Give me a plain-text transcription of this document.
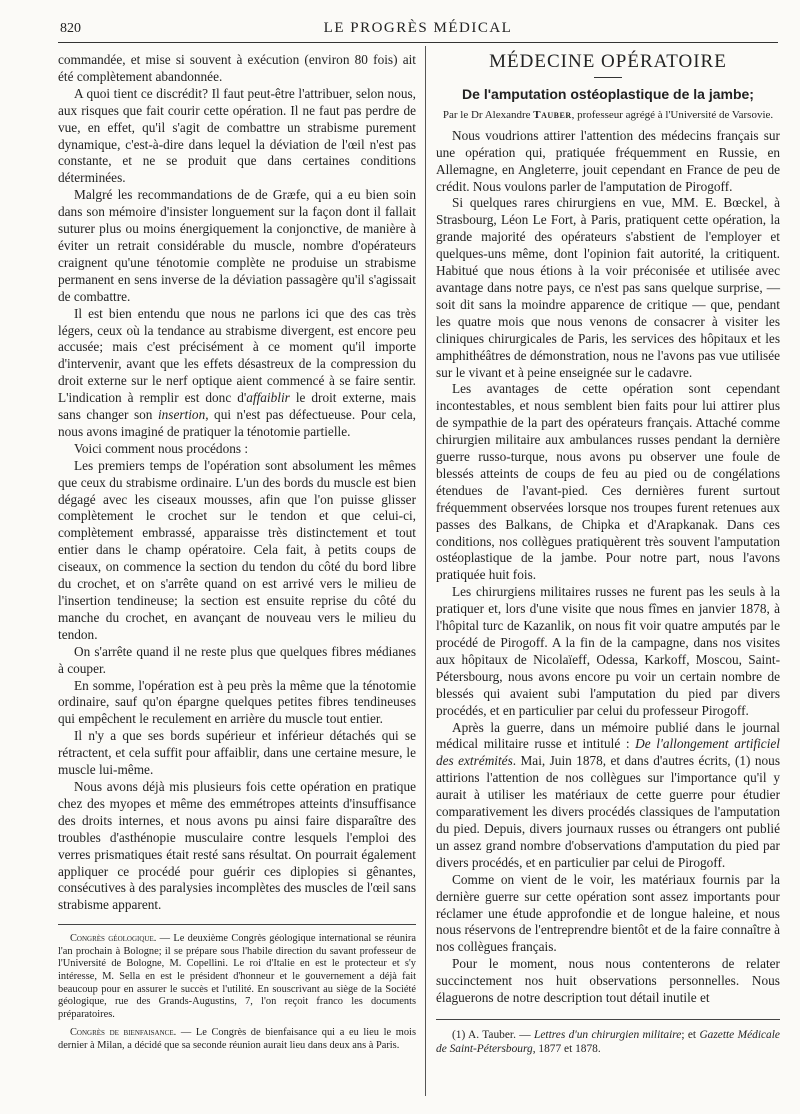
820	LE PROGRÈS MÉDICAL

commandée, et mise si souvent à exécution (environ 80 fois) ait été complètement abandonnée.

A quoi tient ce discrédit? Il faut peut-être l'attribuer, selon nous, aux risques que fait courir cette opération. Il ne faut pas perdre de vue, en effet, qu'il s'agit de combattre un strabisme purement dynamique, c'est-à-dire dans lequel la déviation de l'œil n'est pas constante, et ne se produit que dans certaines conditions déterminées.

Malgré les recommandations de de Græfe, qui a eu bien soin dans son mémoire d'insister longuement sur la façon dont il fallait suturer plus ou moins énergiquement la conjonctive, de manière à éviter un retrait considérable du muscle, nombre d'opérateurs craignent qu'une ténotomie complète ne produise un strabisme permanent en sens inverse de la déviation passagère qu'il s'agissait de combattre.

Il est bien entendu que nous ne parlons ici que des cas très légers, ceux où la tendance au strabisme divergent, est encore peu accusée; mais c'est précisément à ce moment qu'il importe d'intervenir, avant que les effets désastreux de la compression du droit externe sur le nerf optique aient commencé à se faire sentir. L'indication à remplir est donc d'affaiblir le droit externe, mais sans changer son insertion, qui n'est pas défectueuse. Pour cela, nous avons imaginé de pratiquer la ténotomie partielle.

Voici comment nous procédons :

Les premiers temps de l'opération sont absolument les mêmes que ceux du strabisme ordinaire. L'un des bords du muscle est bien dégagé avec les ciseaux mousses, afin que l'on puisse glisser complètement le crochet sur le tendon et que celui-ci, complètement embrassé, apparaisse très distinctement et tout entier dans le champ opératoire. Cela fait, à petits coups de ciseaux, on commence la section du tendon du côté du bord libre du crochet, et on s'arrête quand on est arrivé vers le milieu de l'insertion tendineuse; la section est ensuite reprise du côté du manche du crochet, en avançant de nouveau vers le milieu du tendon.

On s'arrête quand il ne reste plus que quelques fibres médianes à couper.

En somme, l'opération est à peu près la même que la ténotomie ordinaire, sauf qu'on épargne quelques petites fibres tendineuses qui empêchent le reculement en arrière du muscle tout entier.

Il n'y a que ses bords supérieur et inférieur détachés qui se rétractent, et cela suffit pour affaiblir, dans une certaine mesure, le muscle lui-même.

Nous avons déjà mis plusieurs fois cette opération en pratique chez des myopes et même des emmétropes atteints d'insuffisance des droits internes, et nous avons pu ainsi faire disparaître des troubles d'asthénopie musculaire contre lesquels l'emploi des verres prismatiques était resté sans résultat. On pourrait également appliquer ce procédé pour guérir ces diplopies si gênantes, consécutives à des paralysies incomplètes des muscles de l'œil sans strabisme apparent.

Congrès géologique. — Le deuxième Congrès géologique international se réunira l'an prochain à Bologne; il se prépare sous l'habile direction du savant professeur de l'Université de Bologne, M. Copellini. Le roi d'Italie en est le protecteur et s'y intéresse, M. Sella en est le président d'honneur et le gouvernement a déjà fait beaucoup pour en assurer le succès et l'utilité. En souscrivant au siège de la Société géologique, rue des Grands-Augustins, 7, l'on reçoit franco les documents préparatoires.

Congrès de bienfaisance. — Le Congrès de bienfaisance qui a eu lieu le mois dernier à Milan, a décidé que sa seconde réunion aurait lieu dans deux ans à Paris.

MÉDECINE OPÉRATOIRE
De l'amputation ostéoplastique de la jambe;
Par le Dr Alexandre Tauber, professeur agrégé à l'Université de Varsovie.

Nous voudrions attirer l'attention des médecins français sur une opération qui, pratiquée fréquemment en Russie, en Allemagne, en Angleterre, jouit cependant en France de peu de crédit. Nous voulons parler de l'amputation de Pirogoff.

Si quelques rares chirurgiens en vue, MM. E. Bœckel, à Strasbourg, Léon Le Fort, à Paris, pratiquent cette opération, la grande majorité des opérateurs s'abstient de l'employer et quelques-uns même, dont l'opinion fait autorité, la critiquent. Habitué que nous étions à la voir préconisée et utilisée avec avantage dans notre pays, ce n'est pas sans quelque surprise, — soit dit sans la moindre apparence de critique — que, pendant les quatre mois que nous venons de consacrer à visiter les cliniques chirurgicales de Paris, les services des hôpitaux et les amphithéâtres de démonstration, nous ne l'avons pas vue utilisée sur le vivant et à peine enseignée sur le cadavre.

Les avantages de cette opération sont cependant incontestables, et nous semblent bien faits pour lui attirer plus de sympathie de la part des opérateurs français. Attaché comme chirurgien militaire aux ambulances russes pendant la dernière guerre russo-turque, nous avons pu observer une foule de blessés atteints de coups de feu au pied ou de congélations étendues de l'avant-pied. Ces dernières furent surtout fréquemment observées lorsque nos troupes furent retenues aux passes des Balkans, de Chipka et d'Arapkanak. Dans ces conditions, nos collègues pratiquèrent très souvent l'amputation ostéoplastique de la jambe. Pour notre part, nous l'avons pratiquée huit fois.

Les chirurgiens militaires russes ne furent pas les seuls à la pratiquer et, lors d'une visite que nous fîmes en janvier 1878, à l'hôpital turc de Kazanlik, on nous fit voir quatre amputés par le procédé de Pirogoff. A la fin de la campagne, dans nos visites aux hôpitaux de Nicolaïeff, Odessa, Karkoff, Moscou, Saint-Pétersbourg, nous avons encore pu voir un certain nombre de blessés qui avaient subi l'amputation du pied par divers procédés, et en particulier par celui du professeur Pirogoff.

Après la guerre, dans un mémoire publié dans le journal médical militaire russe et intitulé : De l'allongement artificiel des extrémités. Mai, Juin 1878, et dans d'autres écrits, (1) nous attirions l'attention de nos collègues sur l'importance qu'il y aurait à utiliser les matériaux de cette guerre pour étudier comparativement les divers procédés classiques de l'amputation du pied. Depuis, divers journaux russes ou étrangers ont publié un assez grand nombre d'observations d'amputation du pied par divers procédés, et en particulier par celui de Pirogoff.

Comme on vient de le voir, les matériaux fournis par la dernière guerre sur cette opération sont assez importants pour réclamer une étude approfondie et de longue haleine, et nous nous réservons de l'entreprendre bientôt et de la faire connaître à nos collègues français.

Pour le moment, nous nous contenterons de relater succinctement nos huit observations personnelles. Nous élaguerons de notre description tout détail inutile et

(1) A. Tauber. — Lettres d'un chirurgien militaire; et Gazette Médicale de Saint-Pétersbourg, 1877 et 1878.
